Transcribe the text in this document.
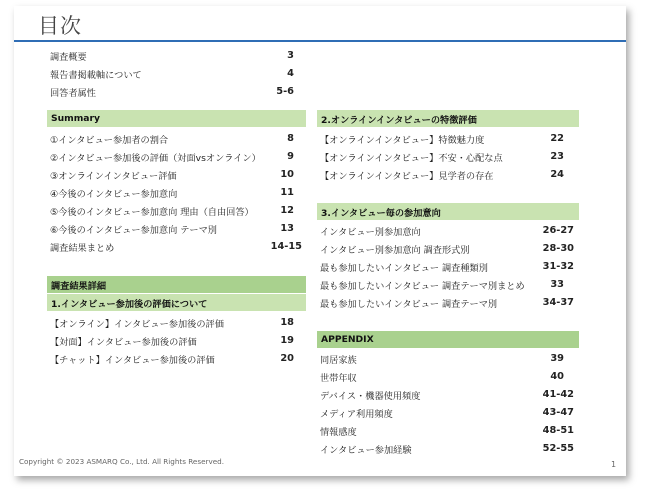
目次
調査概要	3
報告書掲載軸について	4
回答者属性	5-6
Summary
①インタビュー参加者の割合	8
②インタビュー参加後の評価（対面vsオンライン）	9
③オンラインインタビュー評価	10
④今後のインタビュー参加意向	11
⑤今後のインタビュー参加意向 理由（自由回答）	12
⑥今後のインタビュー参加意向 テーマ別	13
調査結果まとめ	14-15
調査結果詳細
1.インタビュー参加後の評価について
【オンライン】インタビュー参加後の評価	18
【対面】インタビュー参加後の評価	19
【チャット】インタビュー参加後の評価	20
2.オンラインインタビューの特徴評価
【オンラインインタビュー】特徴魅力度	22
【オンラインインタビュー】不安・心配な点	23
【オンラインインタビュー】見学者の存在	24
3.インタビュー毎の参加意向
インタビュー別参加意向	26-27
インタビュー別参加意向 調査形式別	28-30
最も参加したいインタビュー 調査種類別	31-32
最も参加したいインタビュー 調査テーマ別まとめ	33
最も参加したいインタビュー 調査テーマ別	34-37
APPENDIX
同居家族	39
世帯年収	40
デバイス・機器使用頻度	41-42
メディア利用頻度	43-47
情報感度	48-51
インタビュー参加経験	52-55
Copyright © 2023 ASMARQ Co., Ltd. All Rights Reserved.	1
